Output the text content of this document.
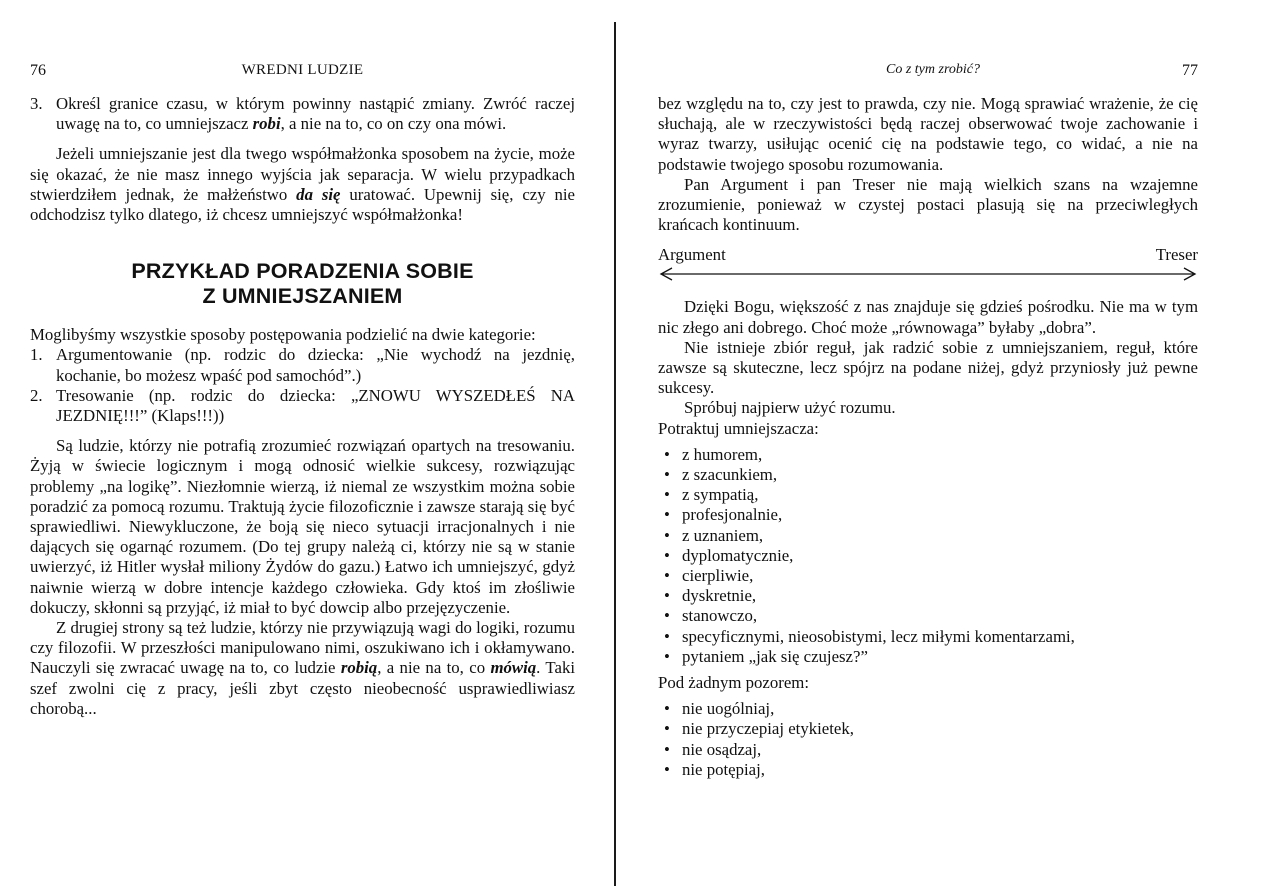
76	WREDNI LUDZIE
3. Określ granice czasu, w którym powinny nastąpić zmiany. Zwróć raczej uwagę na to, co umniejszacz robi, a nie na to, co on czy ona mówi.

Jeżeli umniejszanie jest dla twego współmałżonka sposobem na życie, może się okazać, że nie masz innego wyjścia jak separacja. W wielu przypadkach stwierdziłem jednak, że małżeństwo da się uratować. Upewnij się, czy nie odchodzisz tylko dlatego, iż chcesz umniejszyć współmałżonka!

PRZYKŁAD PORADZENIA SOBIE
Z UMNIEJSZANIEM

Moglibyśmy wszystkie sposoby postępowania podzielić na dwie kategorie:

1. Argumentowanie (np. rodzic do dziecka: „Nie wychodź na jezdnię, kochanie, bo możesz wpaść pod samochód”.)
2. Tresowanie (np. rodzic do dziecka: „ZNOWU WYSZEDŁEŚ NA JEZDNIĘ!!!” (Klaps!!!))

Są ludzie, którzy nie potrafią zrozumieć rozwiązań opartych na tresowaniu. Żyją w świecie logicznym i mogą odnosić wielkie sukcesy, rozwiązując problemy „na logikę”. Niezłomnie wierzą, iż niemal ze wszystkim można sobie poradzić za pomocą rozumu. Traktują życie filozoficznie i zawsze starają się być sprawiedliwi. Niewykluczone, że boją się nieco sytuacji irracjonalnych i nie dających się ogarnąć rozumem. (Do tej grupy należą ci, którzy nie są w stanie uwierzyć, iż Hitler wysłał miliony Żydów do gazu.) Łatwo ich umniejszyć, gdyż naiwnie wierzą w dobre intencje każdego człowieka. Gdy ktoś im złośliwie dokuczy, skłonni są przyjąć, iż miał to być dowcip albo przejęzyczenie.

Z drugiej strony są też ludzie, którzy nie przywiązują wagi do logiki, rozumu czy filozofii. W przeszłości manipulowano nimi, oszukiwano ich i okłamywano. Nauczyli się zwracać uwagę na to, co ludzie robią, a nie na to, co mówią. Taki szef zwolni cię z pracy, jeśli zbyt często nieobecność usprawiedliwiasz chorobą...

Co z tym zrobić?	77

bez względu na to, czy jest to prawda, czy nie. Mogą sprawiać wrażenie, że cię słuchają, ale w rzeczywistości będą raczej obserwować twoje zachowanie i wyraz twarzy, usiłując ocenić cię na podstawie tego, co widać, a nie na podstawie twojego sposobu rozumowania.

Pan Argument i pan Treser nie mają wielkich szans na wzajemne zrozumienie, ponieważ w czystej postaci plasują się na przeciwległych krańcach kontinuum.

Argument	Treser

Dzięki Bogu, większość z nas znajduje się gdzieś pośrodku. Nie ma w tym nic złego ani dobrego. Choć może „równowaga” byłaby „dobra”.

Nie istnieje zbiór reguł, jak radzić sobie z umniejszaniem, reguł, które zawsze są skuteczne, lecz spójrz na podane niżej, gdyż przyniosły już pewne sukcesy.

Spróbuj najpierw użyć rozumu.

Potraktuj umniejszacza:

• z humorem,
• z szacunkiem,
• z sympatią,
• profesjonalnie,
• z uznaniem,
• dyplomatycznie,
• cierpliwie,
• dyskretnie,
• stanowczo,
• specyficznymi, nieosobistymi, lecz miłymi komentarzami,
• pytaniem „jak się czujesz?”

Pod żadnym pozorem:

• nie uogólniaj,
• nie przyczepiaj etykietek,
• nie osądzaj,
• nie potępiaj,
